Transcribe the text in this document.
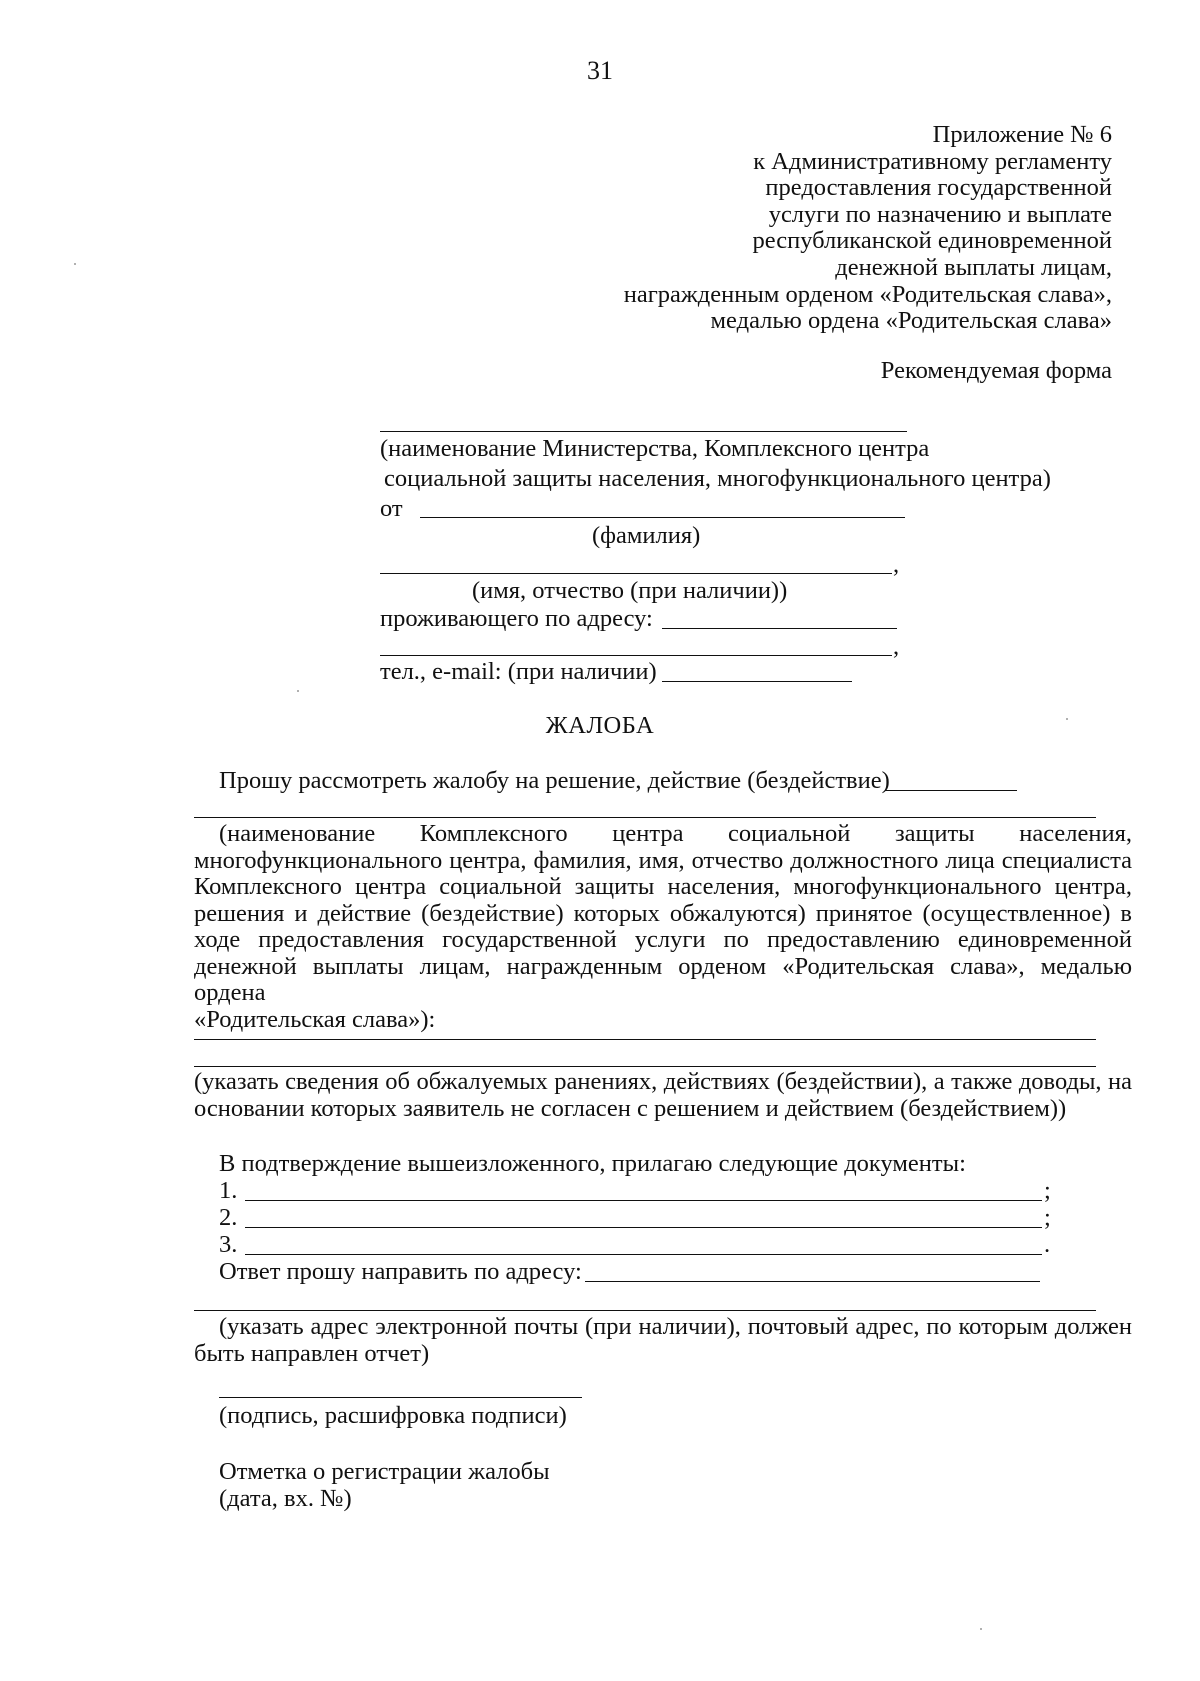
31
Приложение № 6
к Административному регламенту
предоставления государственной
услуги по назначению и выплате
республиканской единовременной
денежной выплаты лицам,
награжденным орденом «Родительская слава»,
медалью ордена «Родительская слава»
Рекомендуемая форма
(наименование Министерства, Комплексного центра
социальной защиты населения, многофункционального центра)
от
(фамилия)
,
(имя, отчество (при наличии))
проживающего по адресу:
,
тел., e-mail: (при наличии)
ЖАЛОБА
Прошу рассмотреть жалобу на решение, действие (бездействие)
(наименование Комплексного центра социальной защиты населения,
многофункционального центра, фамилия, имя, отчество должностного лица специалиста
Комплексного центра социальной защиты населения, многофункционального центра,
решения и действие (бездействие) которых обжалуются) принятое (осуществленное) в
ходе предоставления государственной услуги по предоставлению единовременной
денежной выплаты лицам, награжденным орденом «Родительская слава», медалью ордена
«Родительская слава»):
(указать сведения об обжалуемых ранениях, действиях (бездействии), а также доводы, на
основании которых заявитель не согласен с решением и действием (бездействием))
В подтверждение вышеизложенного, прилагаю следующие документы:
1.	;
2.	;
3.	.
Ответ прошу направить по адресу:
(указать адрес электронной почты (при наличии), почтовый адрес, по которым должен
быть направлен отчет)
(подпись, расшифровка подписи)
Отметка о регистрации жалобы
(дата, вх. №)
